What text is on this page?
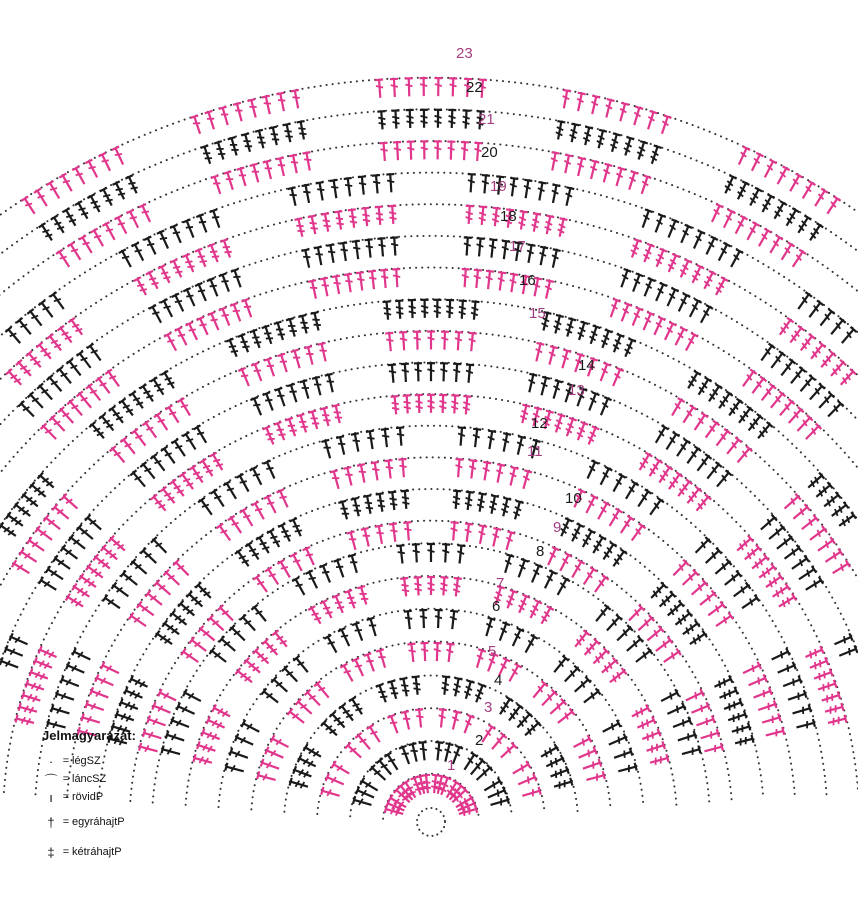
1
2
3
4
5
6
7
8
9
10
11
12
13
14
15
16
17
18
19
20
21
22
23
Jelmagyarázat:
· = légSZ
⌒ = láncSZ
ı = rövidP
† = egyráhajtP
‡ = kétráhajtP
